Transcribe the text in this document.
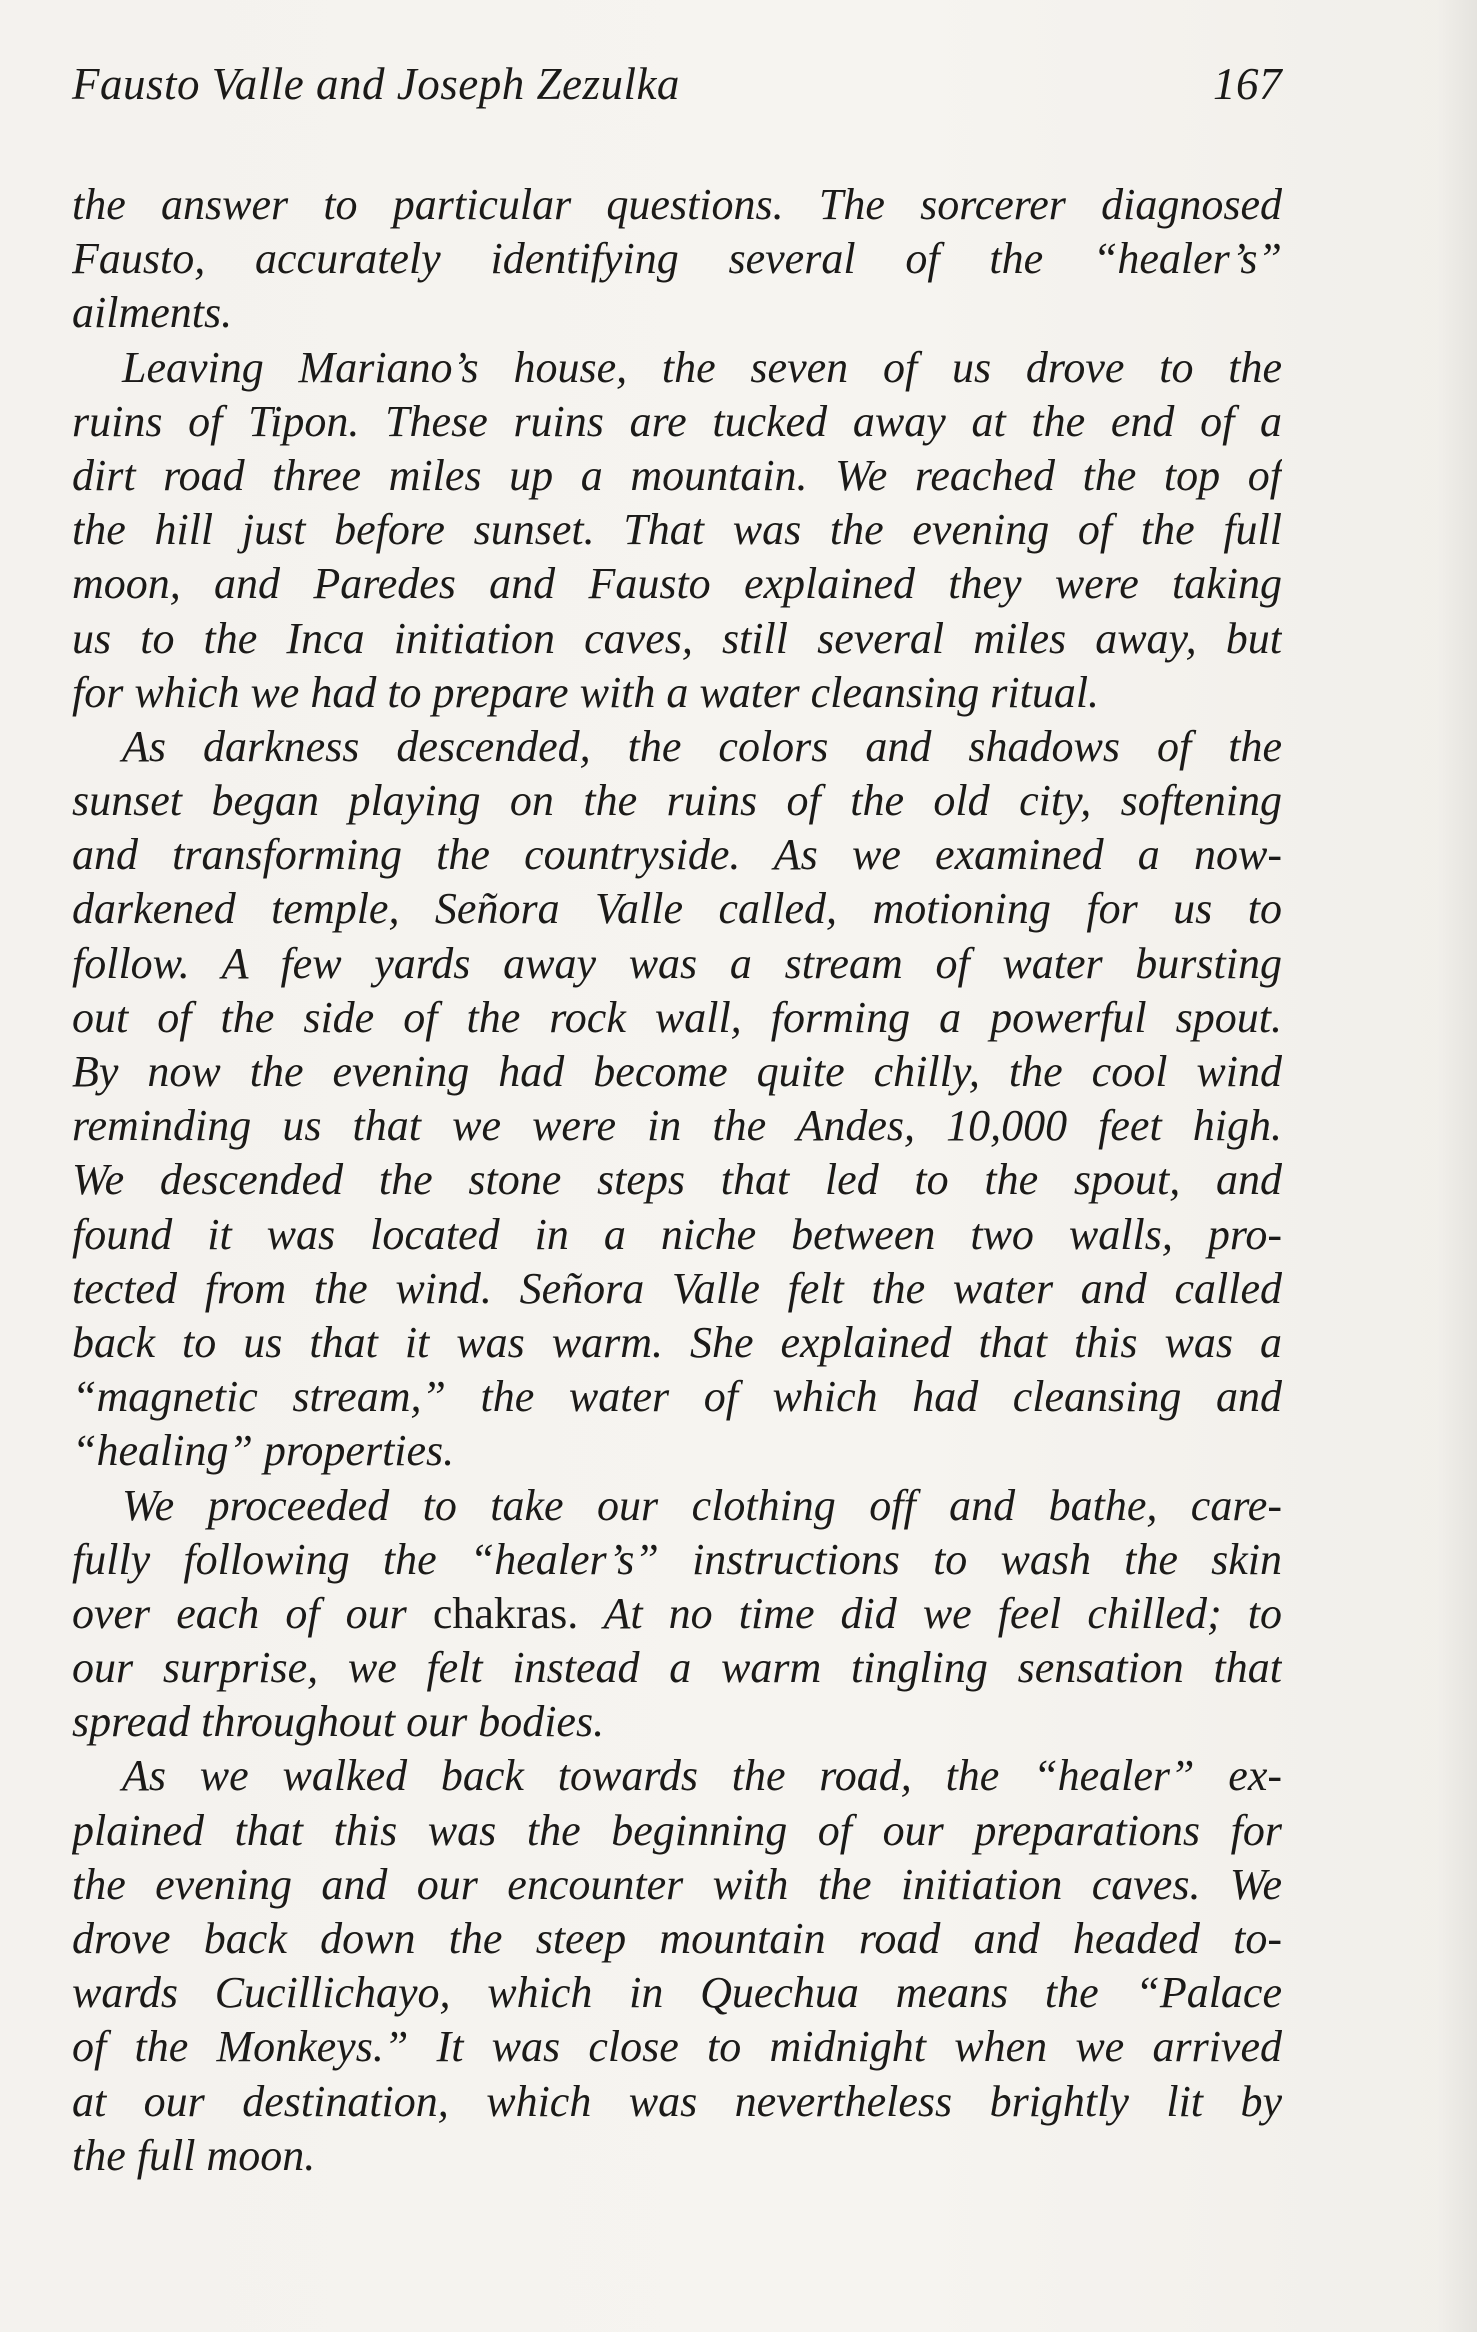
Fausto Valle and Joseph Zezulka	167
the answer to particular questions. The sorcerer diagnosed
Fausto, accurately identifying several of the “healer’s”
ailments.
Leaving Mariano’s house, the seven of us drove to the
ruins of Tipon. These ruins are tucked away at the end of a
dirt road three miles up a mountain. We reached the top of
the hill just before sunset. That was the evening of the full
moon, and Paredes and Fausto explained they were taking
us to the Inca initiation caves, still several miles away, but
for which we had to prepare with a water cleansing ritual.
As darkness descended, the colors and shadows of the
sunset began playing on the ruins of the old city, softening
and transforming the countryside. As we examined a now-
darkened temple, Señora Valle called, motioning for us to
follow. A few yards away was a stream of water bursting
out of the side of the rock wall, forming a powerful spout.
By now the evening had become quite chilly, the cool wind
reminding us that we were in the Andes, 10,000 feet high.
We descended the stone steps that led to the spout, and
found it was located in a niche between two walls, pro-
tected from the wind. Señora Valle felt the water and called
back to us that it was warm. She explained that this was a
“magnetic stream,” the water of which had cleansing and
“healing” properties.
We proceeded to take our clothing off and bathe, care-
fully following the “healer’s” instructions to wash the skin
over each of our chakras. At no time did we feel chilled; to
our surprise, we felt instead a warm tingling sensation that
spread throughout our bodies.
As we walked back towards the road, the “healer” ex-
plained that this was the beginning of our preparations for
the evening and our encounter with the initiation caves. We
drove back down the steep mountain road and headed to-
wards Cucillichayo, which in Quechua means the “Palace
of the Monkeys.” It was close to midnight when we arrived
at our destination, which was nevertheless brightly lit by
the full moon.
